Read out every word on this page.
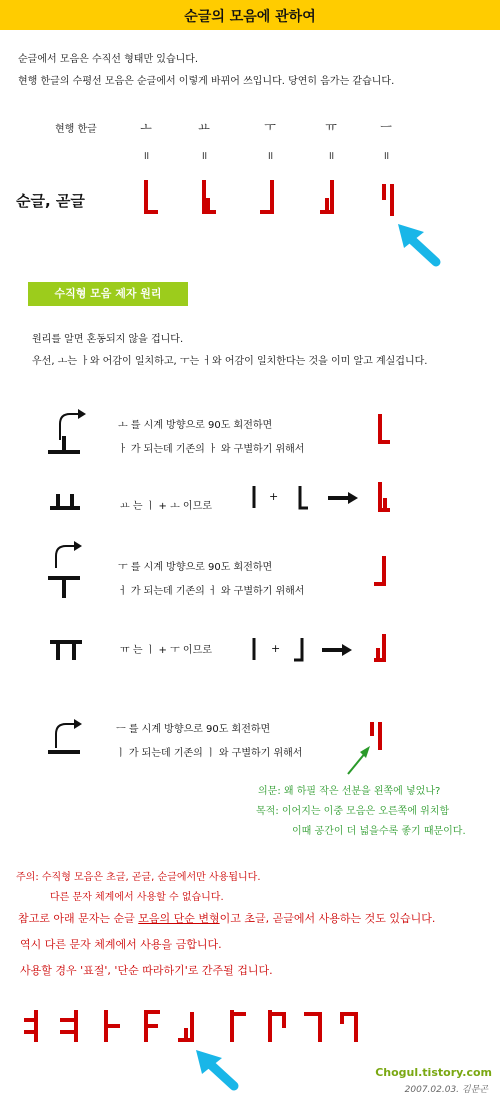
순글의 모음에 관하여
순글에서 모음은 수직선 형태만 있습니다.
현행 한글의 수평선 모음은 순글에서 이렇게 바뀌어 쓰입니다. 당연히 음가는 같습니다.
현행 한글	ㅗ	ㅛ	ㅜ	ㅠ	ㅡ
॥	॥	॥	॥	॥
순글, 곧글
수직형 모음 제자 원리
원리를 알면 혼동되지 않을 겁니다.
우선, ㅗ는 ㅏ와 어감이 일치하고, ㅜ는 ㅓ와 어감이 일치한다는 것을 이미 알고 계실겁니다.
ㅗ 를 시계 방향으로 90도 회전하면
ㅏ 가 되는데 기존의 ㅏ 와 구별하기 위해서
ㅛ 는 ㅣ + ㅗ 이므로
+
ㅜ 를 시계 방향으로 90도 회전하면
ㅓ 가 되는데 기존의 ㅓ 와 구별하기 위해서
ㅠ 는 ㅣ + ㅜ 이므로	+
ㅡ 를 시계 방향으로 90도 회전하면
ㅣ 가 되는데 기존의 ㅣ 와 구별하기 위해서
의문: 왜 하필 작은 선분을 왼쪽에 넣었나?
목적: 이어지는 이중 모음은 오른쪽에 위치함
이때 공간이 더 넓을수록 좋기 때문이다.
주의: 수직형 모음은 초글, 곧글, 순글에서만 사용됩니다.
다른 문자 체계에서 사용할 수 없습니다.
참고로 아래 문자는 순글 모음의 단순 변형이고 초글, 곧글에서 사용하는 것도 있습니다.
역시 다른 문자 체계에서 사용을 금합니다.
사용할 경우 '표절', '단순 따라하기'로 간주될 겁니다.
Chogul.tistory.com
2007.02.03. 김문곤
